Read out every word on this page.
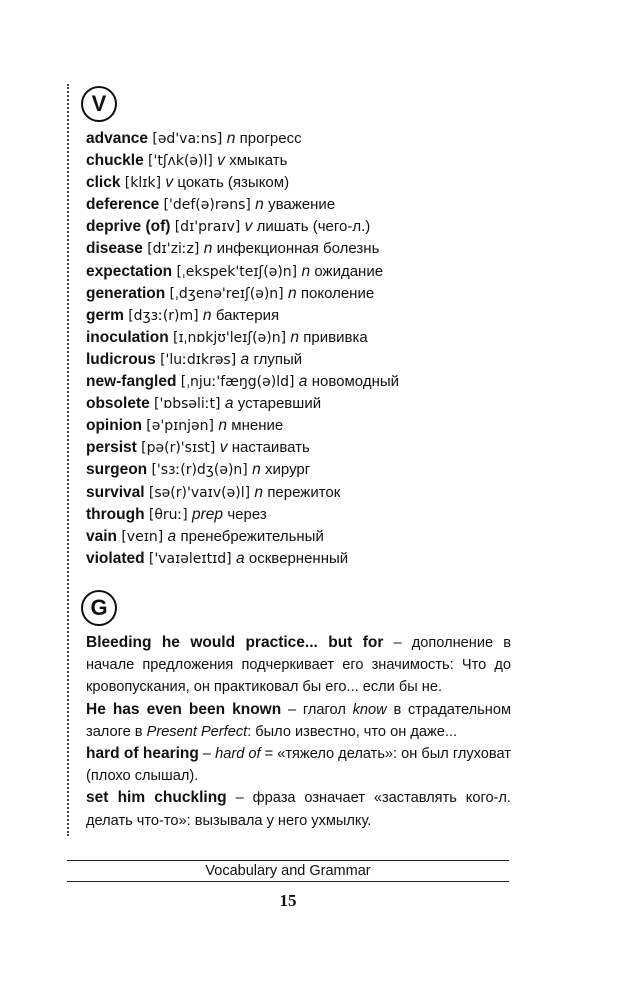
V
advance [əd'vaːns] n прогресс
chuckle ['tʃʌk(ə)l] v хмыкать
click [klɪk] v цокать (языком)
deference ['def(ə)rəns] n уважение
deprive (of) [dɪ'praɪv] v лишать (чего-л.)
disease [dɪ'ziːz] n инфекционная болезнь
expectation [ˌekspek'teɪʃ(ə)n] n ожидание
generation [ˌdʒenə'reɪʃ(ə)n] n поколение
germ [dʒɜː(r)m] n бактерия
inoculation [ɪˌnɒkjʊ'leɪʃ(ə)n] n прививка
ludicrous ['luːdɪkrəs] a глупый
new-fangled [ˌnjuː'fæŋg(ə)ld] a новомодный
obsolete ['ɒbsəliːt] a устаревший
opinion [ə'pɪnjən] n мнение
persist [pə(r)'sɪst] v настаивать
surgeon ['sɜː(r)dʒ(ə)n] n хирург
survival [sə(r)'vaɪv(ə)l] n пережиток
through [θruː] prep через
vain [veɪn] a пренебрежительный
violated ['vaɪəleɪtɪd] a оскверненный
G
Bleeding he would practice... but for – дополнение в начале предложения подчеркивает его значимость: Что до кровопускания, он практиковал бы его... если бы не.
He has even been known – глагол know в страдательном залоге в Present Perfect: было известно, что он даже...
hard of hearing – hard of = «тяжело делать»: он был глуховат (плохо слышал).
set him chuckling – фраза означает «заставлять кого-л. делать что-то»: вызывала у него ухмылку.
Vocabulary and Grammar
15
